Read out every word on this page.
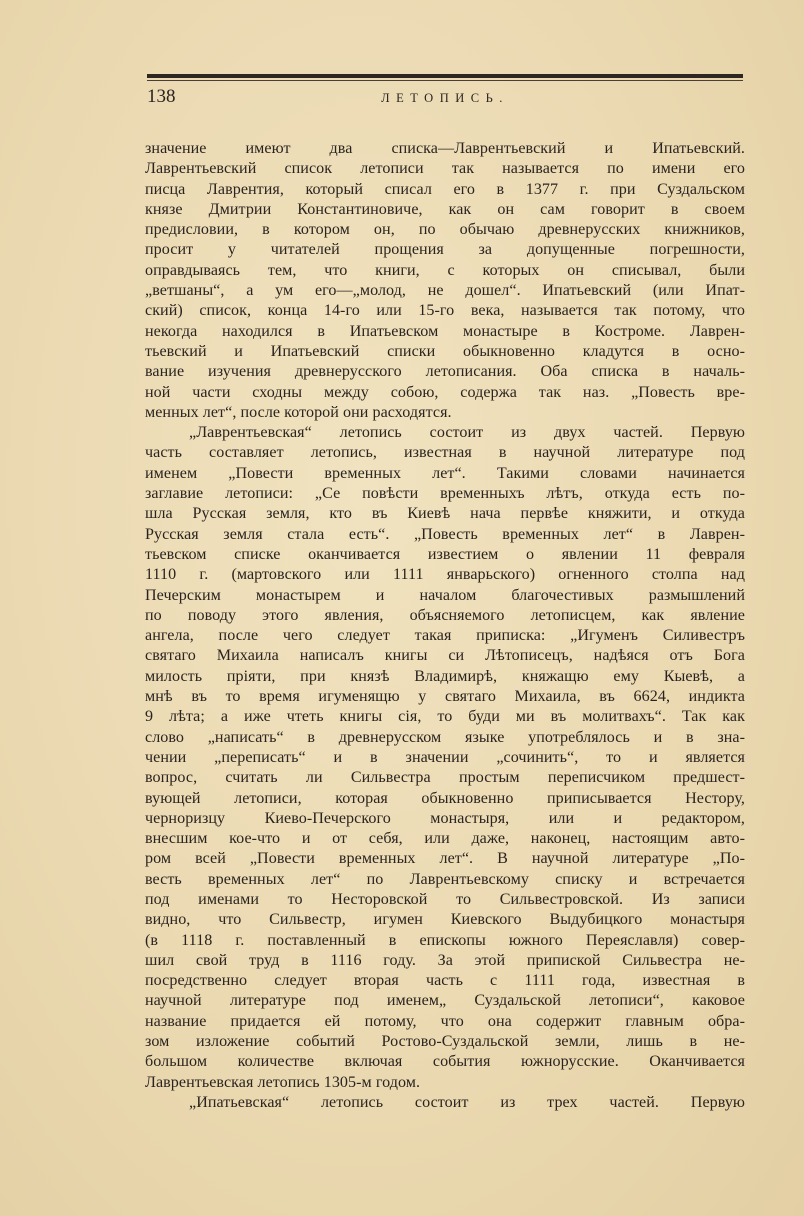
138	ЛЕТОПИСЬ.
значение имеют два списка—Лаврентьевский и Ипатьевский.
Лаврентьевский список летописи так называется по имени его
писца Лаврентия, который списал его в 1377 г. при Суздальском
князе Дмитрии Константиновиче, как он сам говорит в своем
предисловии, в котором он, по обычаю древнерусских книжников,
просит у читателей прощения за допущенные погрешности,
оправдываясь тем, что книги, с которых он списывал, были
„ветшаны“, а ум его—„молод, не дошел“. Ипатьевский (или Ипат-
ский) список, конца 14-го или 15-го века, называется так потому, что
некогда находился в Ипатьевском монастыре в Костроме. Лаврен-
тьевский и Ипатьевский списки обыкновенно кладутся в осно-
вание изучения древнерусского летописания. Оба списка в началь-
ной части сходны между собою, содержа так наз. „Повесть вре-
менных лет“, после которой они расходятся.
„Лаврентьевская“ летопись состоит из двух частей. Первую
часть составляет летопись, известная в научной литературе под
именем „Повести временных лет“. Такими словами начинается
заглавие летописи: „Се повѣсти временныхъ лѣтъ, откуда есть по-
шла Русская земля, кто въ Киевѣ нача первѣе княжити, и откуда
Русская земля стала есть“. „Повесть временных лет“ в Лаврен-
тьевском списке оканчивается известием о явлении 11 февраля
1110 г. (мартовского или 1111 январьского) огненного столпа над
Печерским монастырем и началом благочестивых размышлений
по поводу этого явления, объясняемого летописцем, как явление
ангела, после чего следует такая приписка: „Игуменъ Силивестръ
святаго Михаила написалъ книгы си Лѣтописецъ, надѣяся отъ Бога
милость пріяти, при князѣ Владимирѣ, княжащю ему Кыевѣ, а
мнѣ въ то время игуменящю у святаго Михаила, въ 6624, индикта
9 лѣта; а иже чтеть книгы сія, то буди ми въ молитвахъ“. Так как
слово „написать“ в древнерусском языке употреблялось и в зна-
чении „переписать“ и в значении „сочинить“, то и является
вопрос, считать ли Сильвестра простым переписчиком предшест-
вующей летописи, которая обыкновенно приписывается Нестору,
черноризцу Киево-Печерского монастыря, или и редактором,
внесшим кое-что и от себя, или даже, наконец, настоящим авто-
ром всей „Повести временных лет“. В научной литературе „По-
весть временных лет“ по Лаврентьевскому списку и встречается
под именами то Несторовской то Сильвестровской. Из записи
видно, что Сильвестр, игумен Киевского Выдубицкого монастыря
(в 1118 г. поставленный в епископы южного Переяславля) совер-
шил свой труд в 1116 году. За этой припиской Сильвестра не-
посредственно следует вторая часть с 1111 года, известная в
научной литературе под именем„ Суздальской летописи“, каковое
название придается ей потому, что она содержит главным обра-
зом изложение событий Ростово-Суздальской земли, лишь в не-
большом количестве включая события южнорусские. Оканчивается
Лаврентьевская летопись 1305-м годом.
„Ипатьевская“ летопись состоит из трех частей. Первую
